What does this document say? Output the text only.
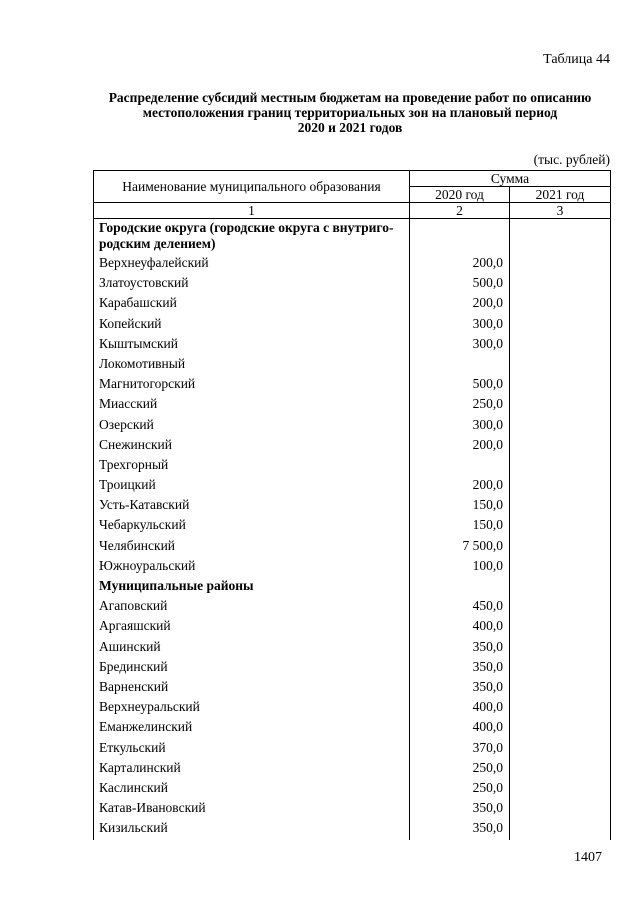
Таблица 44
Распределение субсидий местным бюджетам на проведение работ по описанию
местоположения границ территориальных зон на плановый период
2020 и 2021 годов
(тыс. рублей)
Наименование муниципального образования	Сумма	
	2020 год	2021 год
1	2	3
Городские округа (городские округа с внутриго-родским делением)		
Верхнеуфалейский	200,0	
Златоустовский	500,0	
Карабашский	200,0	
Копейский	300,0	
Кыштымский	300,0	
Локомотивный		
Магнитогорский	500,0	
Миасский	250,0	
Озерский	300,0	
Снежинский	200,0	
Трехгорный		
Троицкий	200,0	
Усть-Катавский	150,0	
Чебаркульский	150,0	
Челябинский	7 500,0	
Южноуральский	100,0	
Муниципальные районы		
Агаповский	450,0	
Аргаяшский	400,0	
Ашинский	350,0	
Брединский	350,0	
Варненский	350,0	
Верхнеуральский	400,0	
Еманжелинский	400,0	
Еткульский	370,0	
Карталинский	250,0	
Каслинский	250,0	
Катав-Ивановский	350,0	
Кизильский	350,0	
1407
